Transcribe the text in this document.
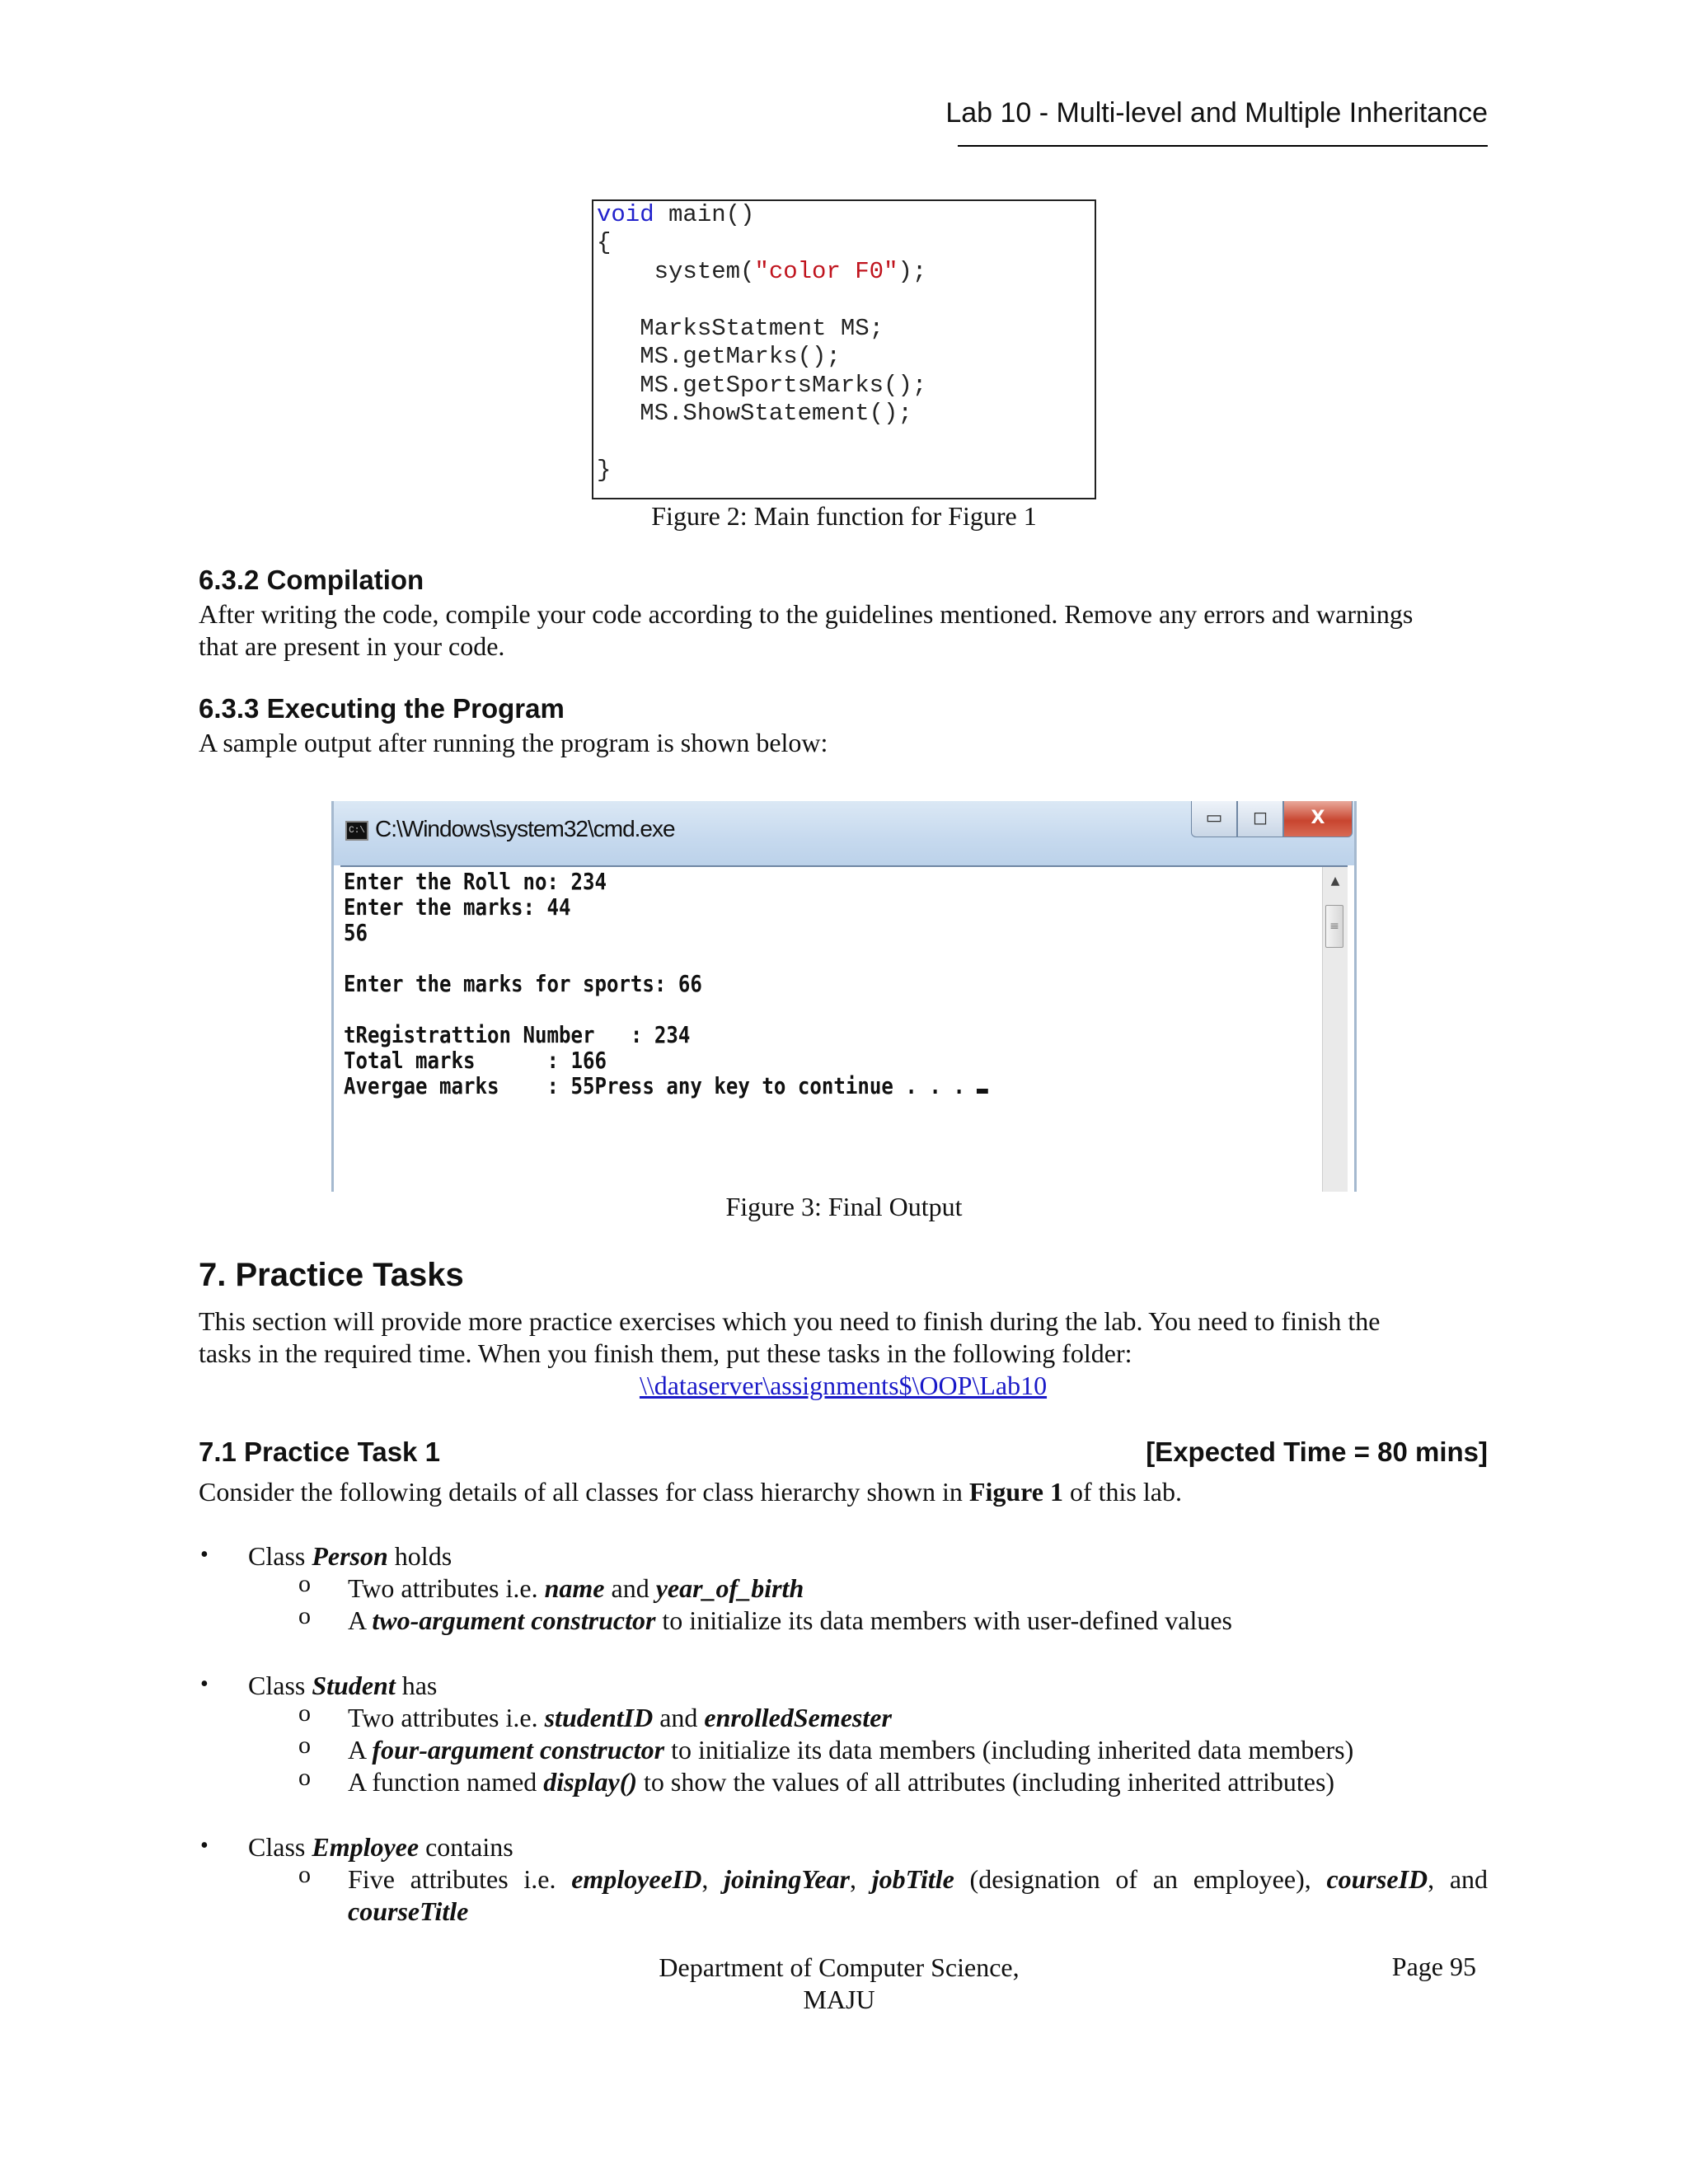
Lab 10 - Multi-level and Multiple Inheritance

void main()

{

system("color F0");

MarksStatment MS;

MS.getMarks();

MS.getSportsMarks();

MS.ShowStatement();

}

Figure 2: Main function for Figure 1
6.3.2 Compilation
After writing the code, compile your code according to the guidelines mentioned. Remove any errors and warnings
that are present in your code.
6.3.3 Executing the Program
A sample output after running the program is shown below:
C:\ C:\Windows\system32\cmd.exe	▭	◻	X
Enter the Roll no: 234
Enter the marks: 44
56

Enter the marks for sports: 66

tRegistrattion Number   : 234
Total marks      : 166
Avergae marks    : 55Press any key to continue . . .
▲
≡
Figure 3: Final Output
7. Practice Tasks
This section will provide more practice exercises which you need to finish during the lab. You need to finish the
tasks in the required time. When you finish them, put these tasks in the following folder:
\\dataserver\assignments$\OOP\Lab10
7.1 Practice Task 1	[Expected Time = 80 mins]
Consider the following details of all classes for class hierarchy shown in Figure 1 of this lab.
• Class Person holds
o Two attributes i.e. name and year_of_birth
o A two-argument constructor to initialize its data members with user-defined values
• Class Student has
o Two attributes i.e. studentID and enrolledSemester
o A four-argument constructor to initialize its data members (including inherited data members)
o A function named display() to show the values of all attributes (including inherited attributes)
• Class Employee contains
o Five attributes i.e. employeeID, joiningYear, jobTitle (designation of an employee), courseID, and
courseTitle
Department of Computer Science,
MAJU
Page 95
